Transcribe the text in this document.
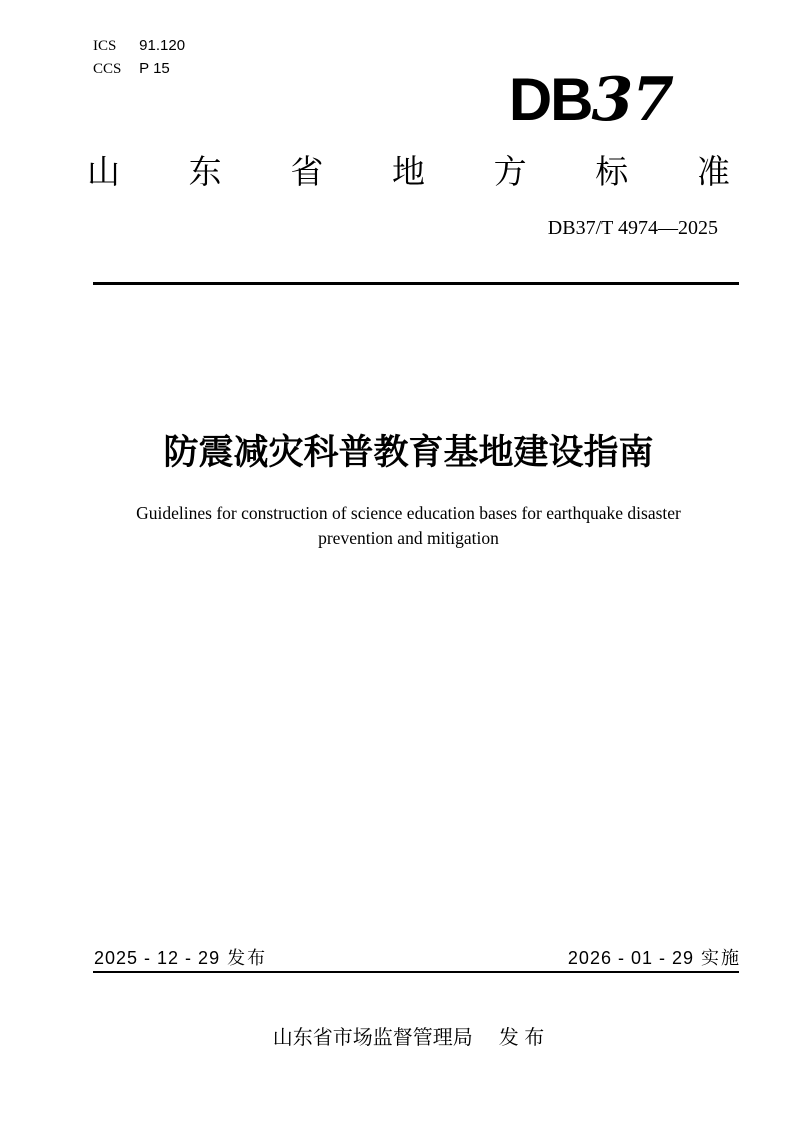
ICS 91.120
CCS P 15	DB37
山 东 省 地 方 标 准
DB37/T 4974—2025
防震减灾科普教育基地建设指南
Guidelines for construction of science education bases for earthquake disaster
prevention and mitigation
2025 - 12 - 29 发布	2026 - 01 - 29 实施
山东省市场监督管理局 发 布
